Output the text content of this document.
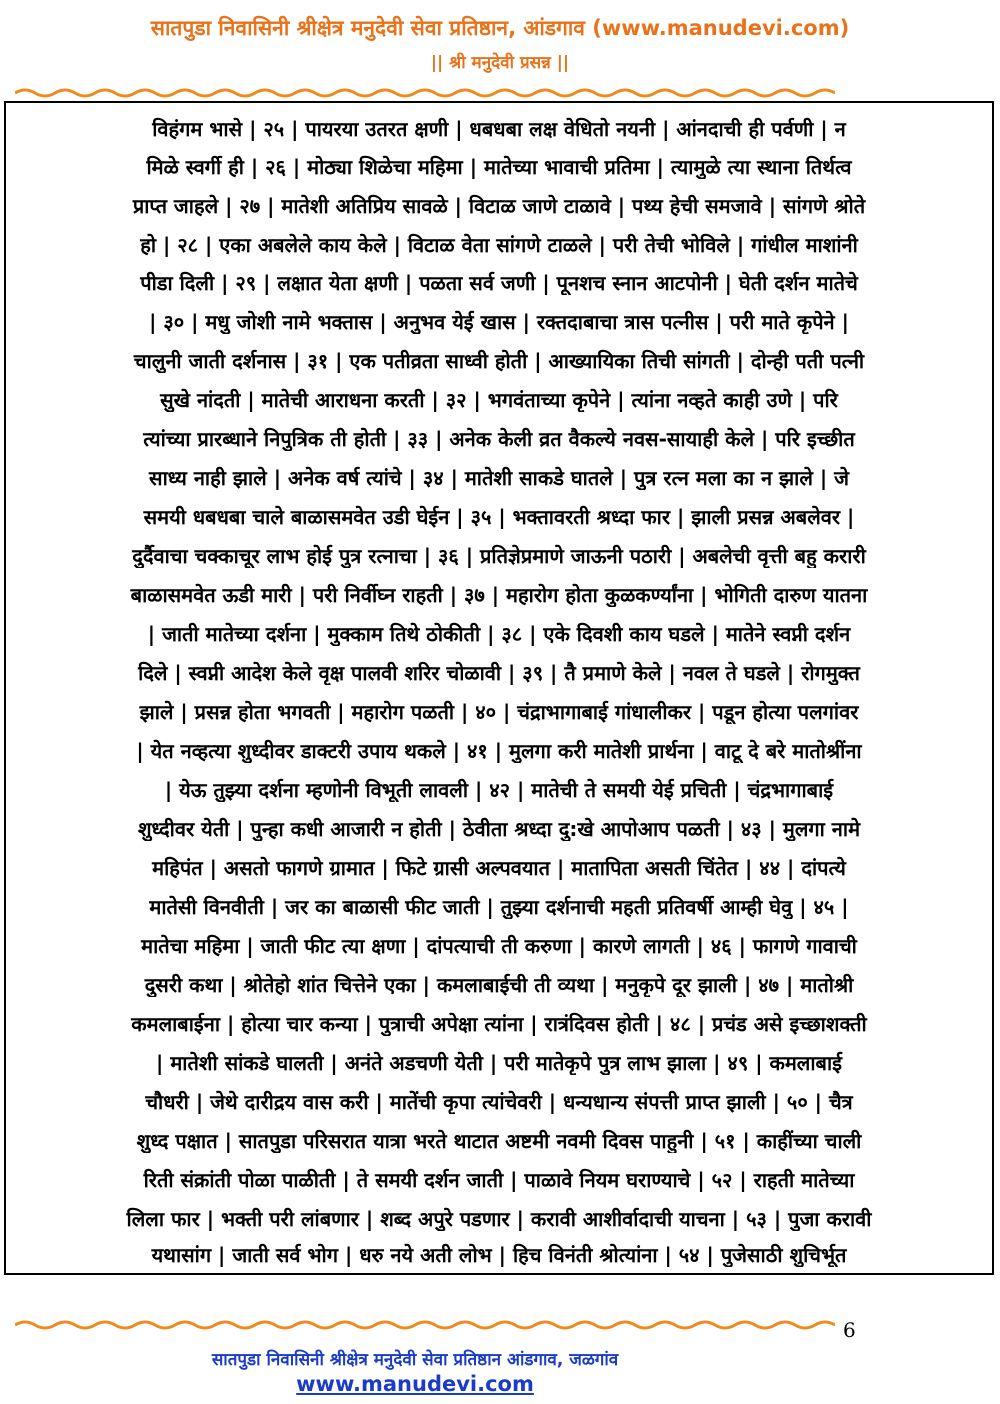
सातपुडा निवासिनी श्रीक्षेत्र मनुदेवी सेवा प्रतिष्ठान, आंडगाव (www.manudevi.com)
|| श्री मनुदेवी प्रसन्न ||
विहंगम भासे | २५ | पायरया उतरत क्षणी | धबधबा लक्ष वेधितो नयनी | आंनदाची ही पर्वणी | न
मिळे स्वर्गी ही | २६ | मोठ्या शिळेचा महिमा | मातेच्या भावाची प्रतिमा | त्यामुळे त्या स्थाना तिर्थत्व
प्राप्त जाहले | २७ | मातेशी अतिप्रिय सावळे | विटाळ जाणे टाळावे | पथ्य हेची समजावे | सांगणे श्रोते
हो | २८ | एका अबलेले काय केले | विटाळ वेता सांगणे टाळले | परी तेची भोविले | गांधील माशांनी
पीडा दिली | २९ | लक्षात येता क्षणी | पळता सर्व जणी | पूनशच स्नान आटपोनी | घेती दर्शन मातेचे
| ३० | मधु जोशी नामे भक्तास | अनुभव येई खास | रक्तदाबाचा त्रास पत्नीस | परी माते कृपेने |
चालुनी जाती दर्शनास | ३१ | एक पतीव्रता साध्वी होती | आख्यायिका तिची सांगती | दोन्ही पती पत्नी
सुखे नांदती | मातेची आराधना करती | ३२ | भगवंताच्या कृपेने | त्यांना नव्हते काही उणे | परि
त्यांच्या प्रारब्धाने निपुत्रिक ती होती | ३३ | अनेक केली व्रत वैकल्ये नवस-सायाही केले | परि इच्छीत
साध्य नाही झाले | अनेक वर्ष त्यांचे | ३४ | मातेशी साकडे घातले | पुत्र रत्न मला का न झाले | जे
समयी धबधबा चाले बाळासमवेत उडी घेईन | ३५ | भक्तावरती श्रध्दा फार | झाली प्रसन्न अबलेवर |
दुर्दैवाचा चक्काचूर लाभ होई पुत्र रत्नाचा | ३६ | प्रतिज्ञेप्रमाणे जाऊनी पठारी | अबलेची वृत्ती बहु करारी
बाळासमवेत ऊडी मारी | परी निर्वीघ्न राहती | ३७ | महारोग होता कुळकर्ण्यांना | भोगिती दारुण यातना
| जाती मातेच्या दर्शना | मुक्काम तिथे ठोकीती | ३८ | एके दिवशी काय घडले | मातेने स्वप्नी दर्शन
दिले | स्वप्नी आदेश केले वृक्ष पालवी शरिर चोळावी | ३९ | तै प्रमाणे केले | नवल ते घडले | रोगमुक्त
झाले | प्रसन्न होता भगवती | महारोग पळती | ४० | चंद्राभागाबाई गांधालीकर | पडून होत्या पलगांवर
| येत नव्हत्या शुध्दीवर डाक्टरी उपाय थकले | ४१ | मुलगा करी मातेशी प्रार्थना | वाटू दे बरे मातोश्रींना
| येऊ तुझ्या दर्शना म्हणोनी विभूती लावली | ४२ | मातेची ते समयी येई प्रचिती | चंद्रभागाबाई
शुध्दीवर येती | पुन्हा कधी आजारी न होती | ठेवीता श्रध्दा दु:खे आपोआप पळती | ४३ | मुलगा नामे
महिपंत | असतो फागणे ग्रामात | फिटे ग्रासी अल्पवयात | मातापिता असती चिंतेत | ४४ | दांपत्ये
मातेसी विनवीती | जर का बाळासी फीट जाती | तुझ्या दर्शनाची महती प्रतिवर्षी आम्ही घेवु | ४५ |
मातेचा महिमा | जाती फीट त्या क्षणा | दांपत्याची ती करुणा | कारणे लागती | ४६ | फागणे गावाची
दुसरी कथा | श्रोतेहो शांत चित्तेने एका | कमलाबाईची ती व्यथा | मनुकृपे दूर झाली | ४७ | मातोश्री
कमलाबाईना | होत्या चार कन्या | पुत्राची अपेक्षा त्यांना | रात्रंदिवस होती | ४८ | प्रचंड असे इच्छाशक्ती
| मातेशी सांकडे घालती | अनंते अडचणी येती | परी मातेकृपे पुत्र लाभ झाला | ४९ | कमलाबाई
चौधरी | जेथे दारीद्रय वास करी | मातेंची कृपा त्यांचेवरी | धन्यधान्य संपत्ती प्राप्त झाली | ५० | चैत्र
शुध्द पक्षात | सातपुडा परिसरात यात्रा भरते थाटात अष्टमी नवमी दिवस पाहुनी | ५१ | काहींच्या चाली
रिती संक्रांती पोळा पाळीती | ते समयी दर्शन जाती | पाळावे नियम घराण्याचे | ५२ | राहती मातेच्या
लिला फार | भक्ती परी लांबणार | शब्द अपुरे पडणार | करावी आशीर्वादाची याचना | ५३ | पुजा करावी
यथासांग | जाती सर्व भोग | धरु नये अती लोभ | हिच विनंती श्रोत्यांना | ५४ | पुजेसाठी शुचिर्भूत
6
सातपुडा निवासिनी श्रीक्षेत्र मनुदेवी सेवा प्रतिष्ठान आंडगाव, जळगांव
www.manudevi.com
